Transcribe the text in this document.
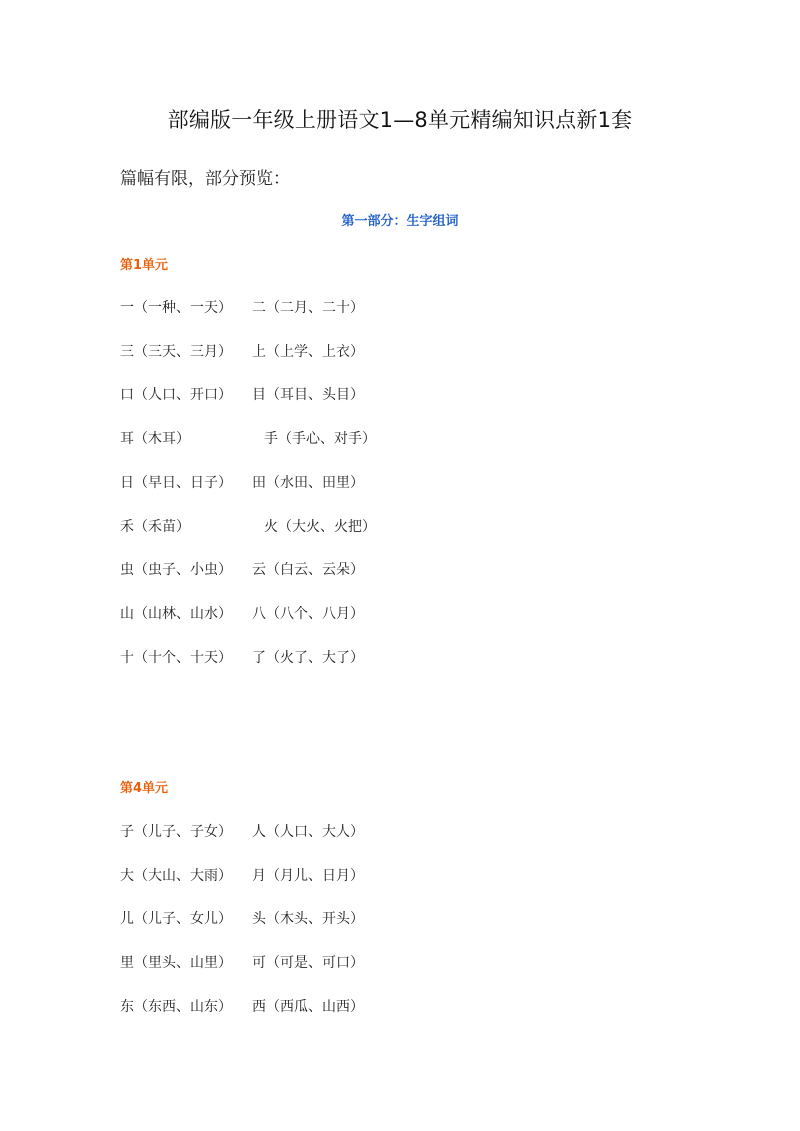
部编版一年级上册语文1—8单元精编知识点新1套
篇幅有限，部分预览：
第一部分：生字组词
第1单元
一（一种、一天） 二（二月、二十）
三（三天、三月） 上（上学、上衣）
口（人口、开口） 目（耳目、头目）
耳（木耳）	手（手心、对手）
日（早日、日子） 田（水田、田里）
禾（禾苗）	火（大火、火把）
虫（虫子、小虫） 云（白云、云朵）
山（山林、山水） 八（八个、八月）
十（十个、十天） 了（火了、大了）
第4单元
子（儿子、子女） 人（人口、大人）
大（大山、大雨） 月（月儿、日月）
儿（儿子、女儿） 头（木头、开头）
里（里头、山里） 可（可是、可口）
东（东西、山东） 西（西瓜、山西）
